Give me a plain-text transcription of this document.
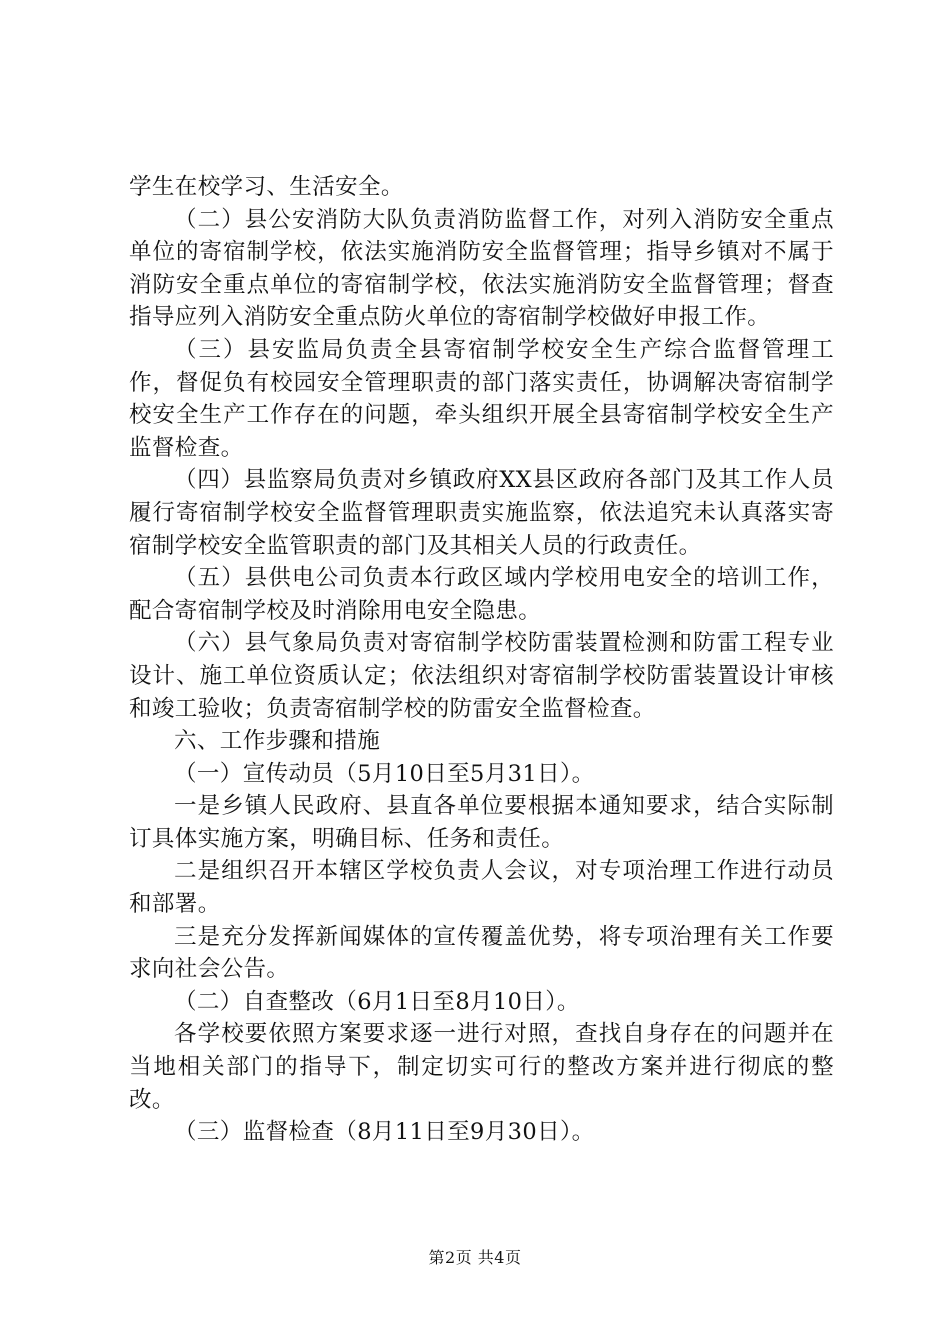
学生在校学习、生活安全。

（二）县公安消防大队负责消防监督工作，对列入消防安全重点单位的寄宿制学校，依法实施消防安全监督管理；指导乡镇对不属于消防安全重点单位的寄宿制学校，依法实施消防安全监督管理；督查指导应列入消防安全重点防火单位的寄宿制学校做好申报工作。

（三）县安监局负责全县寄宿制学校安全生产综合监督管理工作，督促负有校园安全管理职责的部门落实责任，协调解决寄宿制学校安全生产工作存在的问题，牵头组织开展全县寄宿制学校安全生产监督检查。

（四）县监察局负责对乡镇政府XX县区政府各部门及其工作人员履行寄宿制学校安全监督管理职责实施监察，依法追究未认真落实寄宿制学校安全监管职责的部门及其相关人员的行政责任。

（五）县供电公司负责本行政区域内学校用电安全的培训工作，配合寄宿制学校及时消除用电安全隐患。

（六）县气象局负责对寄宿制学校防雷装置检测和防雷工程专业设计、施工单位资质认定；依法组织对寄宿制学校防雷装置设计审核和竣工验收；负责寄宿制学校的防雷安全监督检查。

六、工作步骤和措施

（一）宣传动员（5月10日至5月31日）。

一是乡镇人民政府、县直各单位要根据本通知要求，结合实际制订具体实施方案，明确目标、任务和责任。

二是组织召开本辖区学校负责人会议，对专项治理工作进行动员和部署。

三是充分发挥新闻媒体的宣传覆盖优势，将专项治理有关工作要求向社会公告。

（二）自查整改（6月1日至8月10日）。

各学校要依照方案要求逐一进行对照，查找自身存在的问题并在当地相关部门的指导下，制定切实可行的整改方案并进行彻底的整改。

（三）监督检查（8月11日至9月30日）。

第2页 共4页
